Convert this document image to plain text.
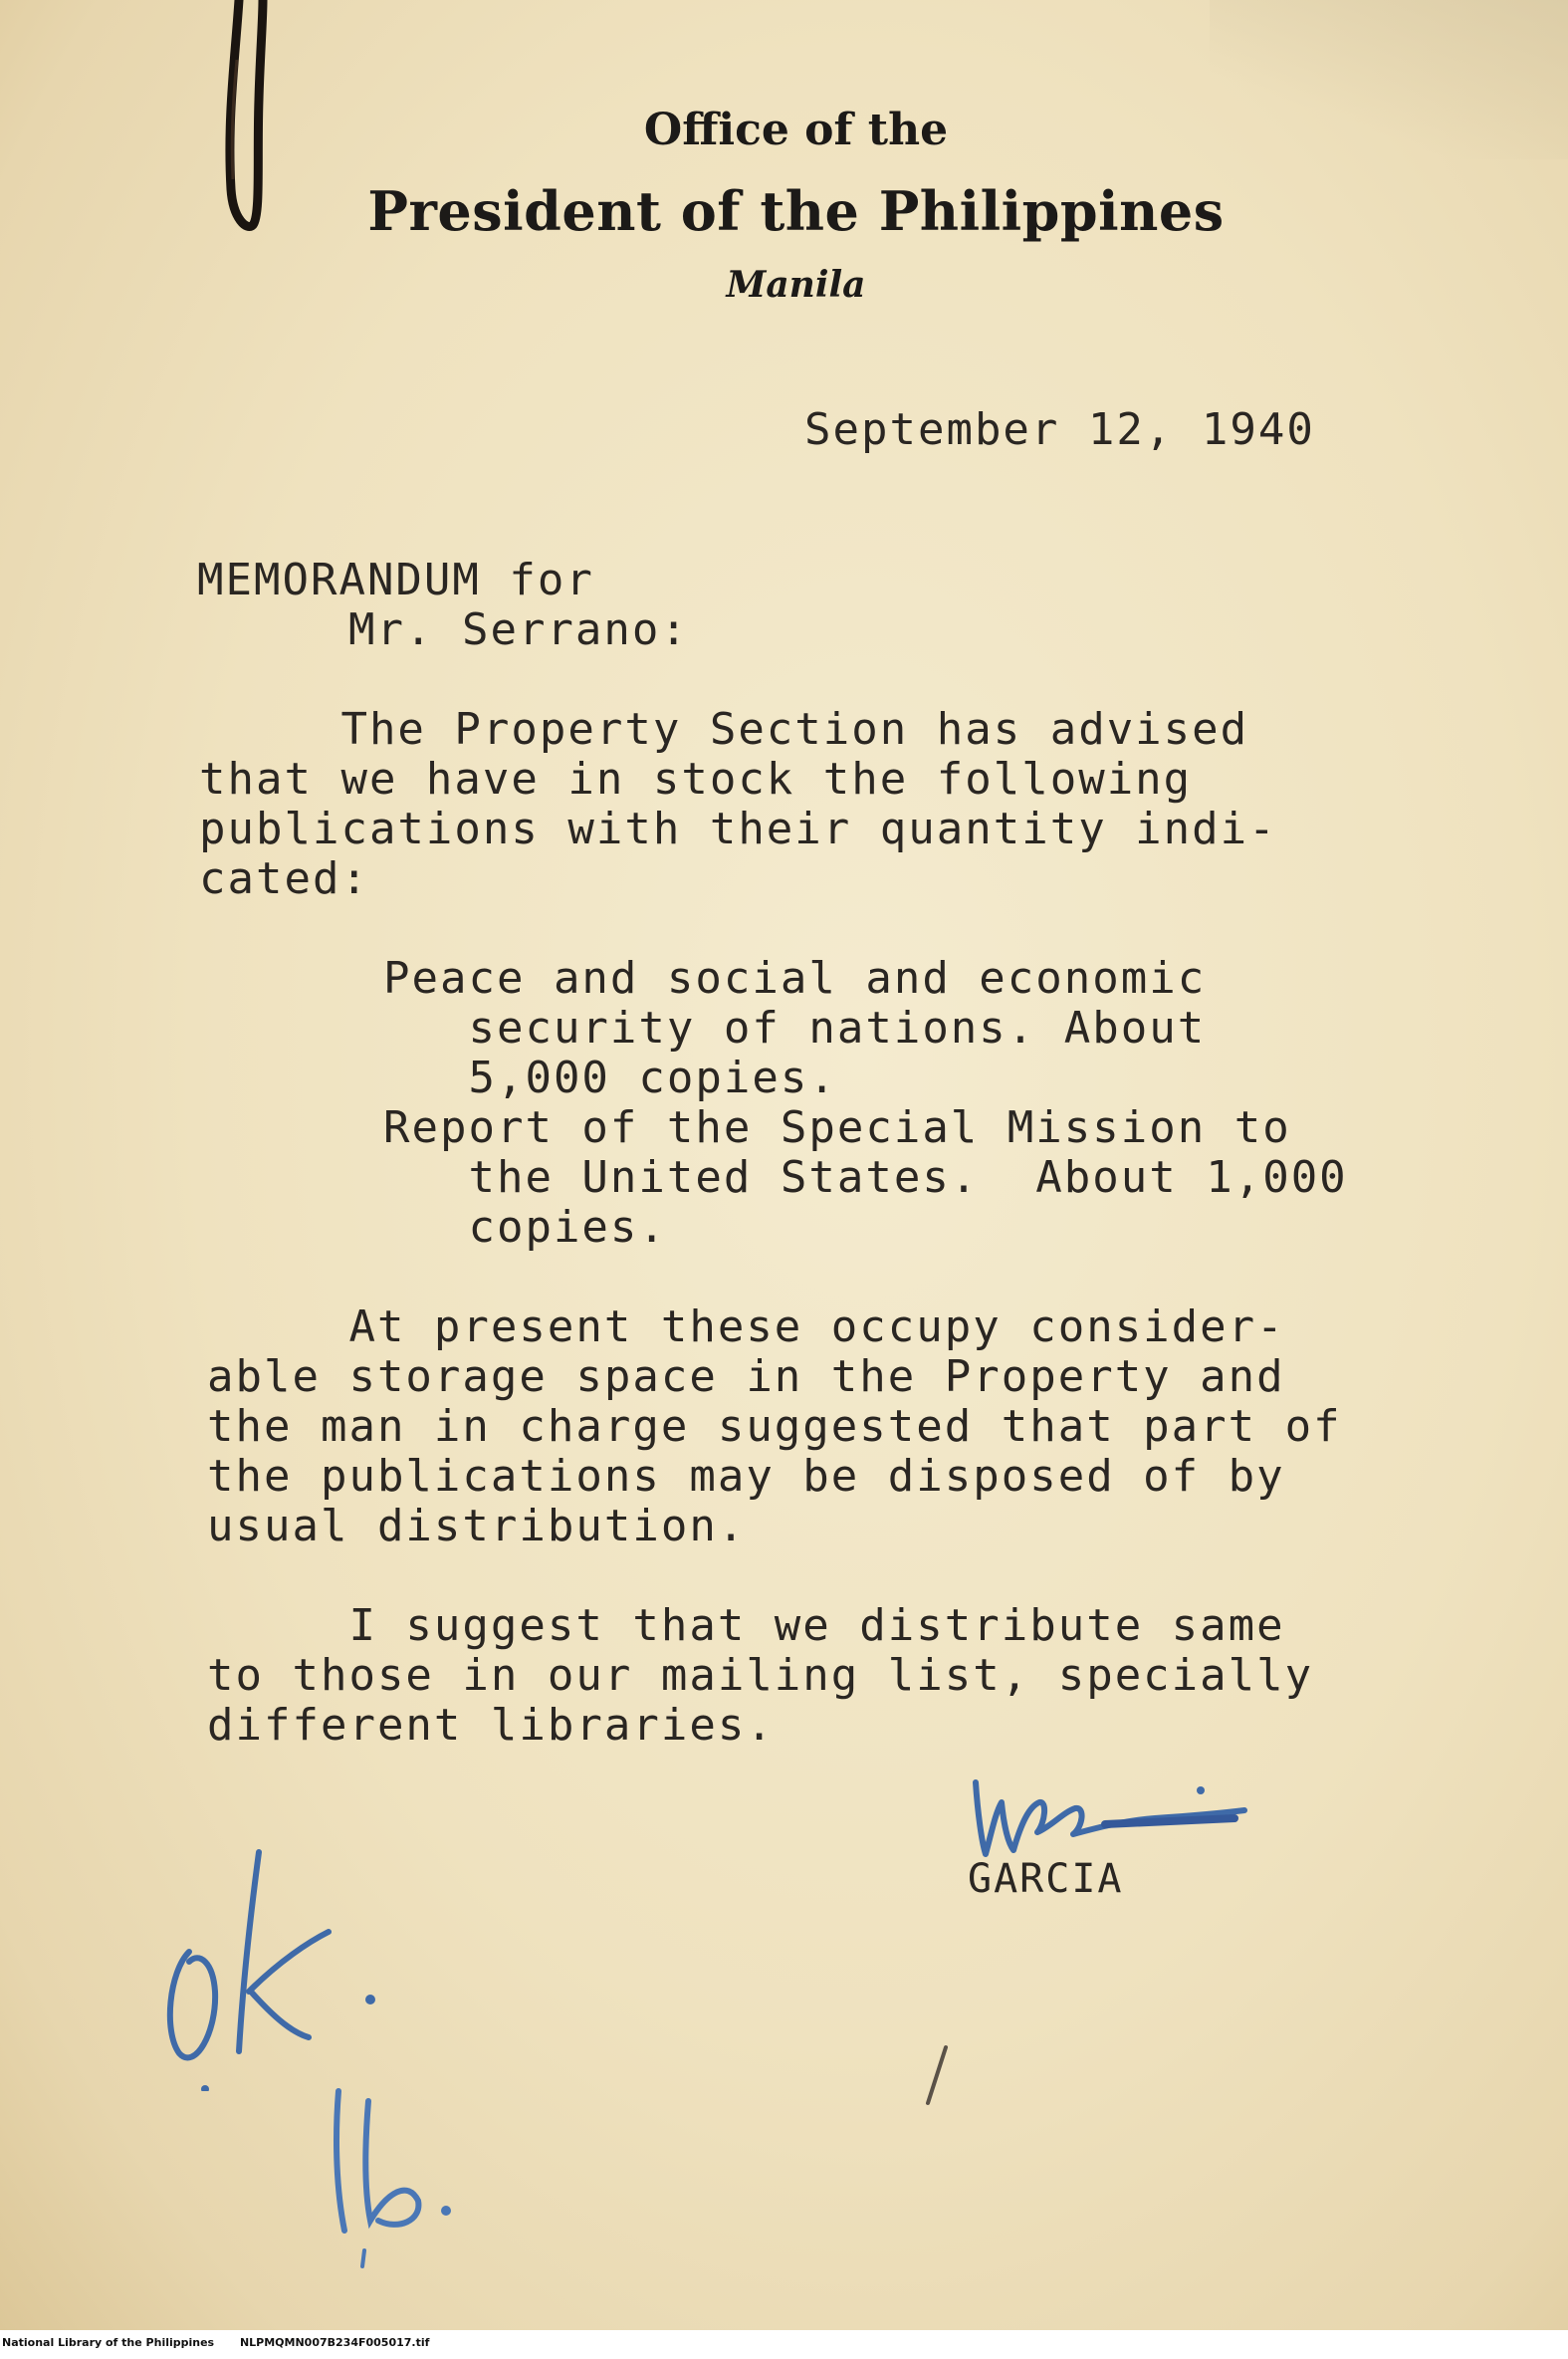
Office of the
President of the Philippines
Manila

September 12, 1940

MEMORANDUM for

Mr. Serrano:

The Property Section has advised
that we have in stock the following
publications with their quantity indi-
cated:

Peace and social and economic
security of nations. About
5,000 copies.
Report of the Special Mission to
the United States.  About 1,000
copies.

At present these occupy consider-
able storage space in the Property and
the man in charge suggested that part of
the publications may be disposed of by
usual distribution.

I suggest that we distribute same
to those in our mailing list, specially
different libraries.

GARCIA

National Library of the Philippines NLPMQMN007B234F005017.tif
